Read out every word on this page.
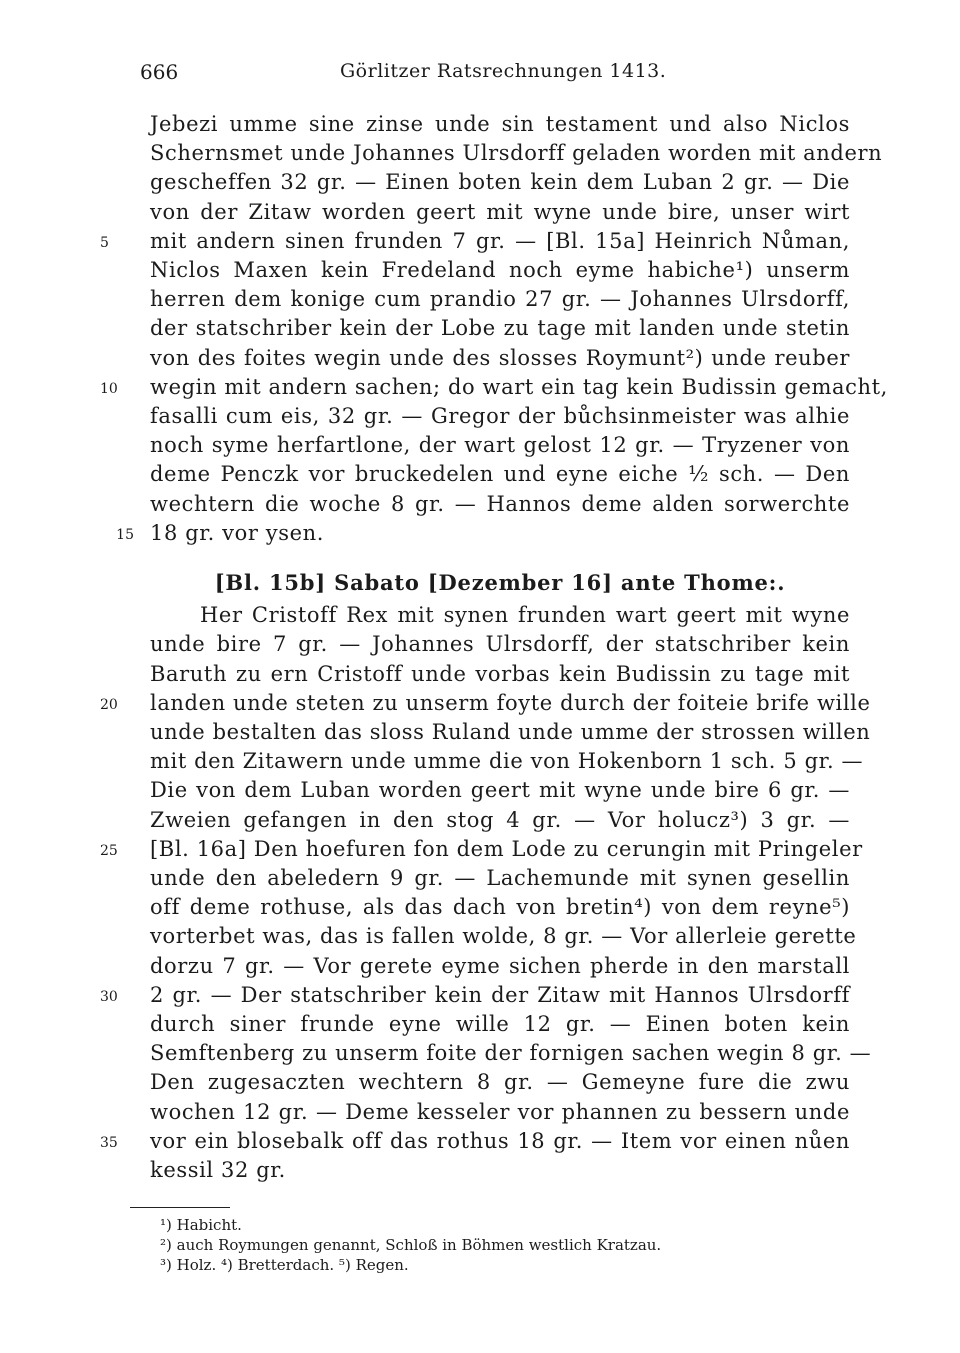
666	Görlitzer Ratsrechnungen 1413.
Jebezi umme sine zinse unde sin testament und also Niclos
Schernsmet unde Johannes Ulrsdorff geladen worden mit andern
gescheffen 32 gr. — Einen boten kein dem Luban 2 gr. — Die
von der Zitaw worden geert mit wyne unde bire, unser wirt
mit andern sinen frunden 7 gr. — [Bl. 15a] Heinrich Nůman,
5
Niclos Maxen kein Fredeland noch eyme habiche¹) unserm
herren dem konige cum prandio 27 gr. — Johannes Ulrsdorff,
der statschriber kein der Lobe zu tage mit landen unde stetin
von des foites wegin unde des slosses Roymunt²) unde reuber
wegin mit andern sachen; do wart ein tag kein Budissin gemacht,
10
fasalli cum eis, 32 gr. — Gregor der bůchsinmeister was alhie
noch syme herfartlone, der wart gelost 12 gr. — Tryzener von
deme Penczk vor bruckedelen und eyne eiche ½ sch. — Den
wechtern die woche 8 gr. — Hannos deme alden sorwerchte
18 gr. vor ysen.
15
[Bl. 15b] Sabato [Dezember 16] ante Thome:.
Her Cristoff Rex mit synen frunden wart geert mit wyne
unde bire 7 gr. — Johannes Ulrsdorff, der statschriber kein
Baruth zu ern Cristoff unde vorbas kein Budissin zu tage mit
landen unde steten zu unserm foyte durch der foiteie brife wille
20
unde bestalten das sloss Ruland unde umme der strossen willen
mit den Zitawern unde umme die von Hokenborn 1 sch. 5 gr. —
Die von dem Luban worden geert mit wyne unde bire 6 gr. —
Zweien gefangen in den stog 4 gr. — Vor holucz³) 3 gr. —
[Bl. 16a] Den hoefuren fon dem Lode zu cerungin mit Pringeler
25
unde den abeledern 9 gr. — Lachemunde mit synen gesellin
off deme rothuse, als das dach von bretin⁴) von dem reyne⁵)
vorterbet was, das is fallen wolde, 8 gr. — Vor allerleie gerette
dorzu 7 gr. — Vor gerete eyme sichen pherde in den marstall
2 gr. — Der statschriber kein der Zitaw mit Hannos Ulrsdorff
30
durch siner frunde eyne wille 12 gr. — Einen boten kein
Semftenberg zu unserm foite der fornigen sachen wegin 8 gr. —
Den zugesaczten wechtern 8 gr. — Gemeyne fure die zwu
wochen 12 gr. — Deme kesseler vor phannen zu bessern unde
vor ein blosebalk off das rothus 18 gr. — Item vor einen nůen
35
kessil 32 gr.
¹) Habicht.
²) auch Roymungen genannt, Schloß in Böhmen westlich Kratzau.
³) Holz. ⁴) Bretterdach. ⁵) Regen.
